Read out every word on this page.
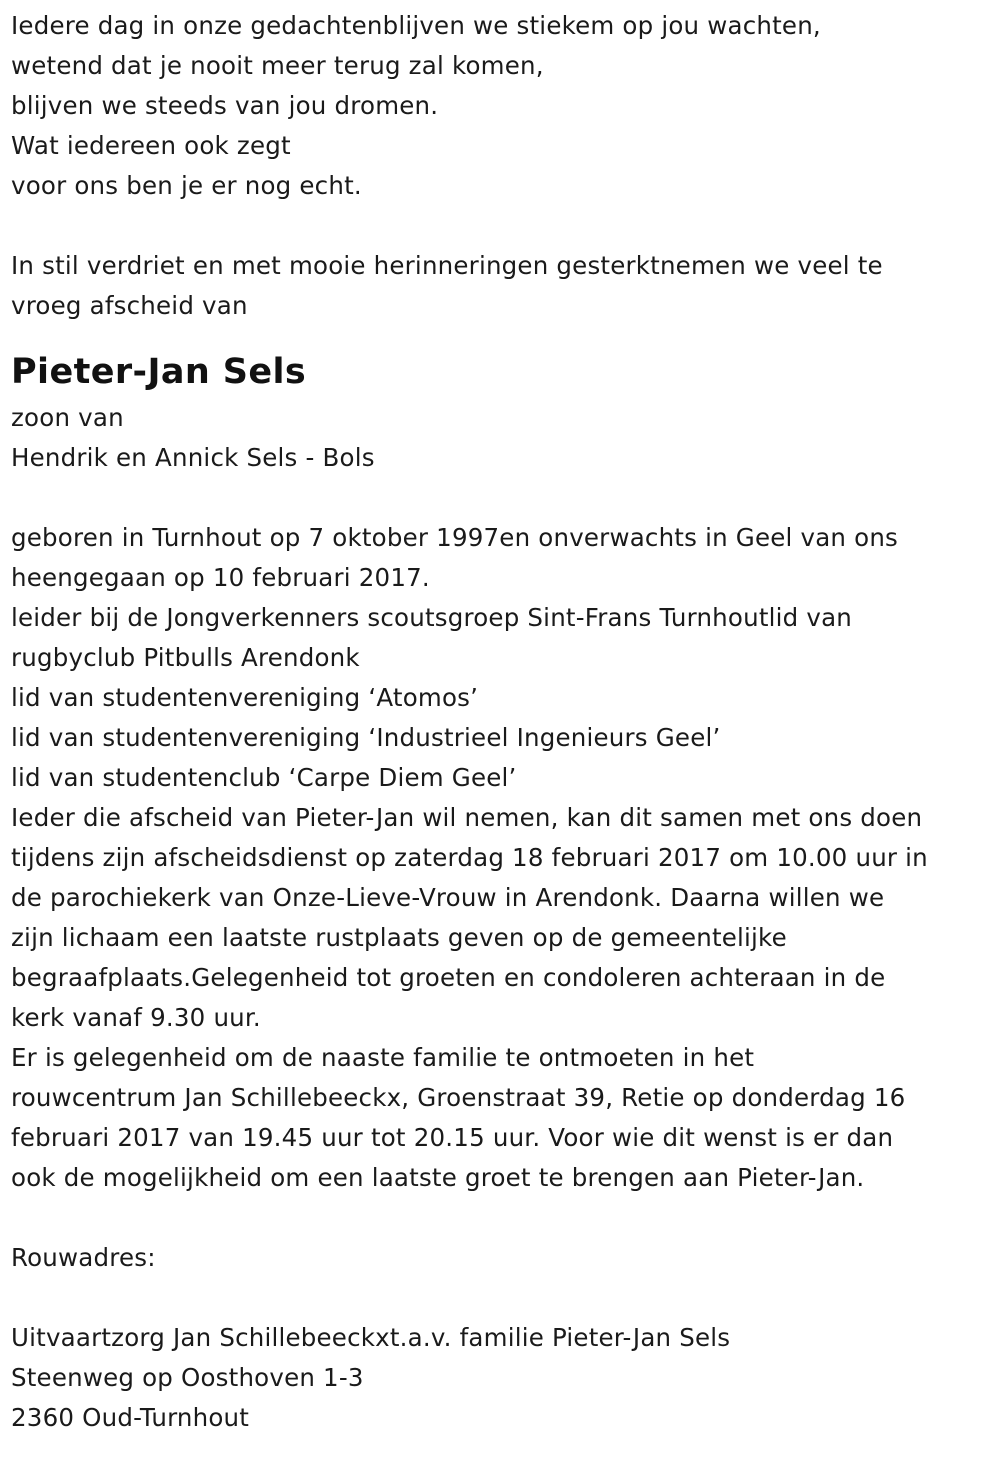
Iedere dag in onze gedachtenblijven we stiekem op jou wachten,
wetend dat je nooit meer terug zal komen,
blijven we steeds van jou dromen.
Wat iedereen ook zegt
voor ons ben je er nog echt.
In stil verdriet en met mooie herinneringen gesterktnemen we veel te
vroeg afscheid van
Pieter-Jan Sels
zoon van
Hendrik en Annick Sels - Bols
geboren in Turnhout op 7 oktober 1997en onverwachts in Geel van ons
heengegaan op 10 februari 2017.
leider bij de Jongverkenners scoutsgroep Sint-Frans Turnhoutlid van
rugbyclub Pitbulls Arendonk
lid van studentenvereniging ‘Atomos’
lid van studentenvereniging ‘Industrieel Ingenieurs Geel’
lid van studentenclub ‘Carpe Diem Geel’
Ieder die afscheid van Pieter-Jan wil nemen, kan dit samen met ons doen
tijdens zijn afscheidsdienst op zaterdag 18 februari 2017 om 10.00 uur in
de parochiekerk van Onze-Lieve-Vrouw in Arendonk. Daarna willen we
zijn lichaam een laatste rustplaats geven op de gemeentelijke
begraafplaats.Gelegenheid tot groeten en condoleren achteraan in de
kerk vanaf 9.30 uur.
Er is gelegenheid om de naaste familie te ontmoeten in het
rouwcentrum Jan Schillebeeckx, Groenstraat 39, Retie op donderdag 16
februari 2017 van 19.45 uur tot 20.15 uur. Voor wie dit wenst is er dan
ook de mogelijkheid om een laatste groet te brengen aan Pieter-Jan.
Rouwadres:
Uitvaartzorg Jan Schillebeeckxt.a.v. familie Pieter-Jan Sels
Steenweg op Oosthoven 1-3
2360 Oud-Turnhout
